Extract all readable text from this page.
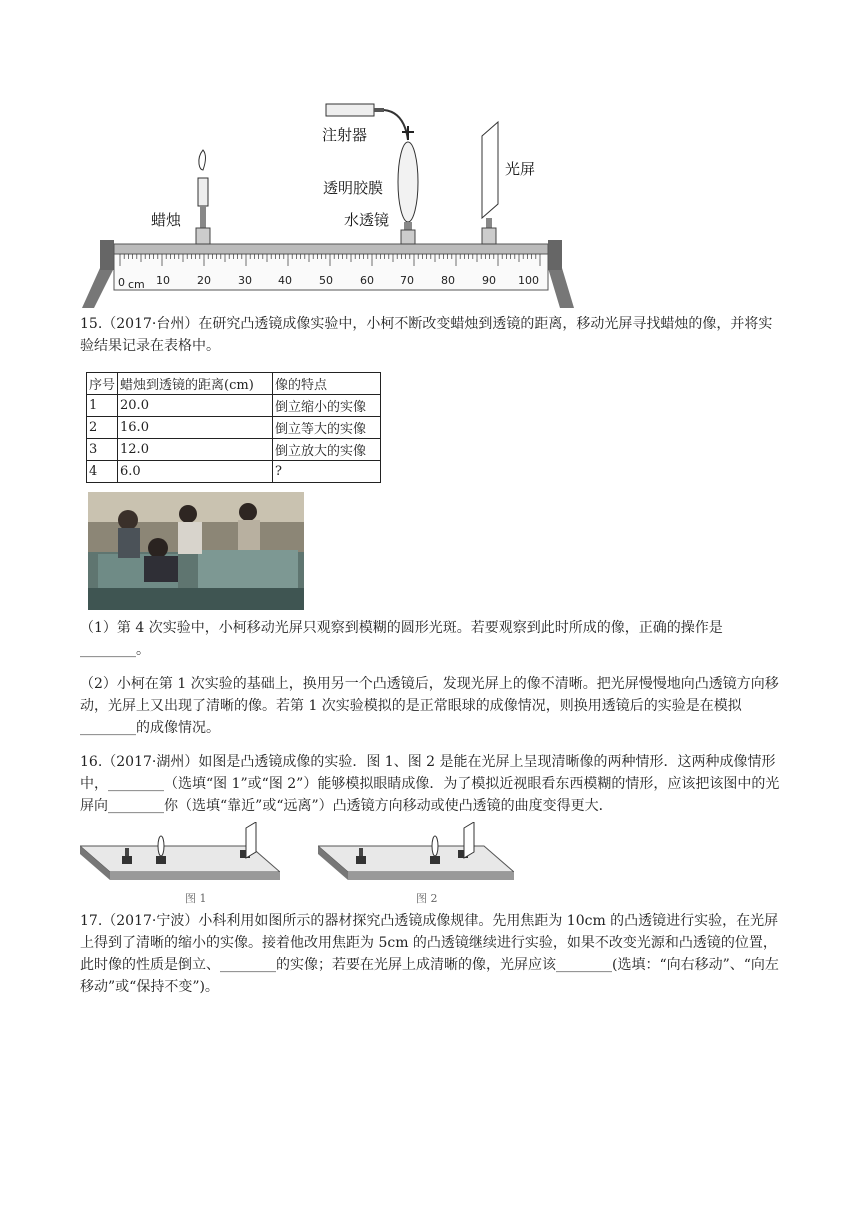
0 cm 10 20 30 40 50 60 70 80 90 100
注射器
透明胶膜
蜡烛	水透镜
光屏
15.（2017·台州）在研究凸透镜成像实验中，小柯不断改变蜡烛到透镜的距离，移动光屏寻找蜡烛的像，并将实验结果记录在表格中。
序号	蜡烛到透镜的距离(cm)	像的特点
1	20.0	倒立缩小的实像
2	16.0	倒立等大的实像
3	12.0	倒立放大的实像
4	6.0	?
（1）第 4 次实验中，小柯移动光屏只观察到模糊的圆形光斑。若要观察到此时所成的像，正确的操作是________。
（2）小柯在第 1 次实验的基础上，换用另一个凸透镜后，发现光屏上的像不清晰。把光屏慢慢地向凸透镜方向移动，光屏上又出现了清晰的像。若第 1 次实验模拟的是正常眼球的成像情况，则换用透镜后的实验是在模拟________的成像情况。
16.（2017·湖州）如图是凸透镜成像的实验．图 1、图 2 是能在光屏上呈现清晰像的两种情形．这两种成像情形中，________（选填“图 1”或“图 2”）能够模拟眼睛成像．为了模拟近视眼看东西模糊的情形，应该把该图中的光屏向________你（选填“靠近”或“远离”）凸透镜方向移动或使凸透镜的曲度变得更大．
图 1	图 2
17.（2017·宁波）小科利用如图所示的器材探究凸透镜成像规律。先用焦距为 10cm 的凸透镜进行实验，在光屏上得到了清晰的缩小的实像。接着他改用焦距为 5cm 的凸透镜继续进行实验，如果不改变光源和凸透镜的位置，此时像的性质是倒立、________的实像；若要在光屏上成清晰的像，光屏应该________(选填：“向右移动”、“向左移动”或“保持不变”)。
